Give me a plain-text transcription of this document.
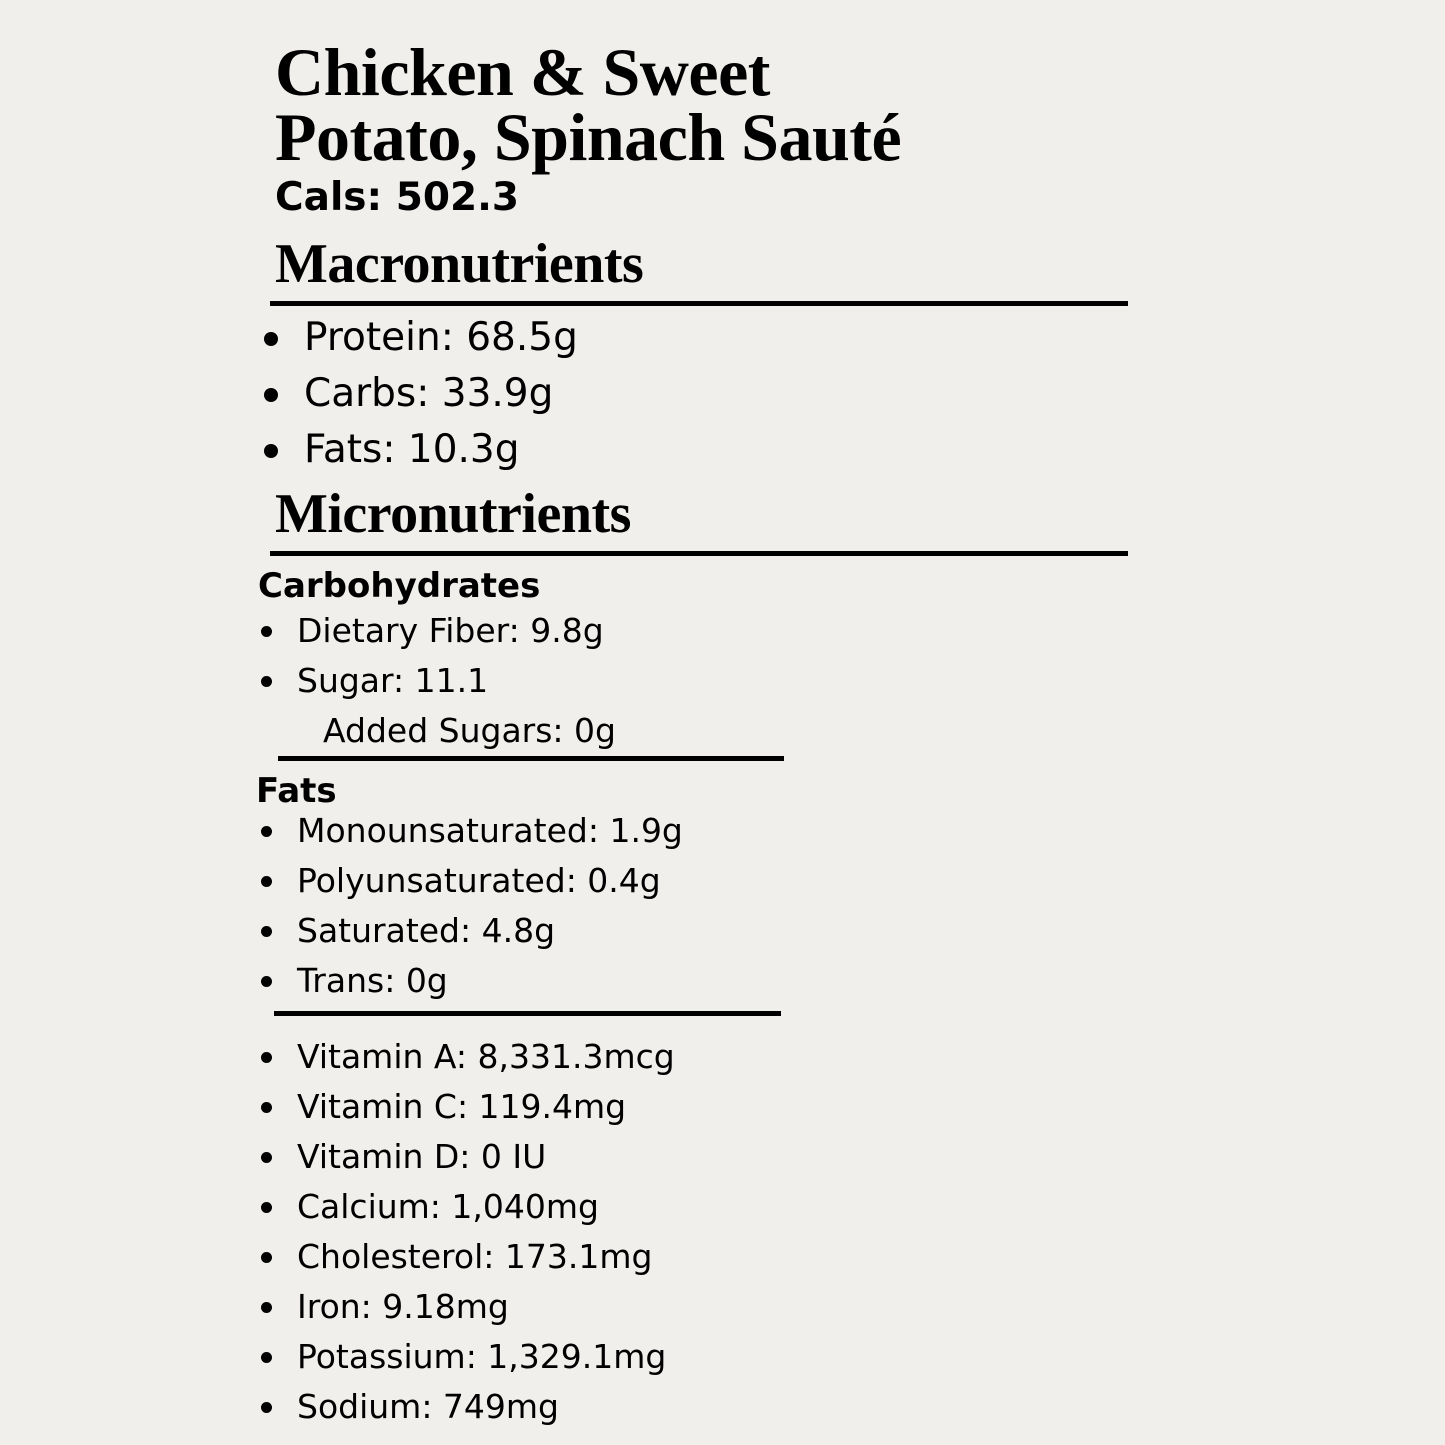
Chicken & Sweet
Potato, Spinach Sauté
Cals: 502.3
Macronutrients
Protein: 68.5g
Carbs: 33.9g
Fats: 10.3g
Micronutrients
Carbohydrates
Dietary Fiber: 9.8g
Sugar: 11.1
Added Sugars: 0g
Fats
Monounsaturated: 1.9g
Polyunsaturated: 0.4g
Saturated: 4.8g
Trans: 0g
Vitamin A: 8,331.3mcg
Vitamin C: 119.4mg
Vitamin D: 0 IU
Calcium: 1,040mg
Cholesterol: 173.1mg
Iron: 9.18mg
Potassium: 1,329.1mg
Sodium: 749mg
